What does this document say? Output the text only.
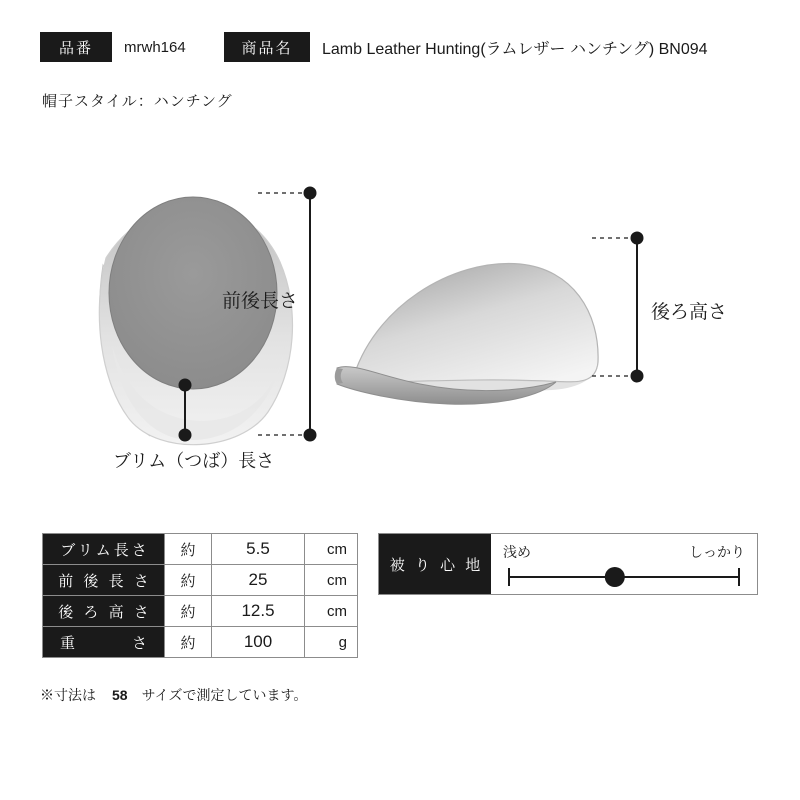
品番	mrwh164	商品名	Lamb Leather Hunting(ラムレザー ハンチング) BN094
帽子スタイル：ハンチング
前後長さ
ブリム（つば）長さ
後ろ高さ
ブリム長さ	約	5.5	cm
前 後 長 さ	約	25	cm
後 ろ 高 さ	約	12.5	cm
重　　　さ	約	100	g
※寸法は 58 サイズで測定しています。
被 り 心 地
浅め	しっかり
